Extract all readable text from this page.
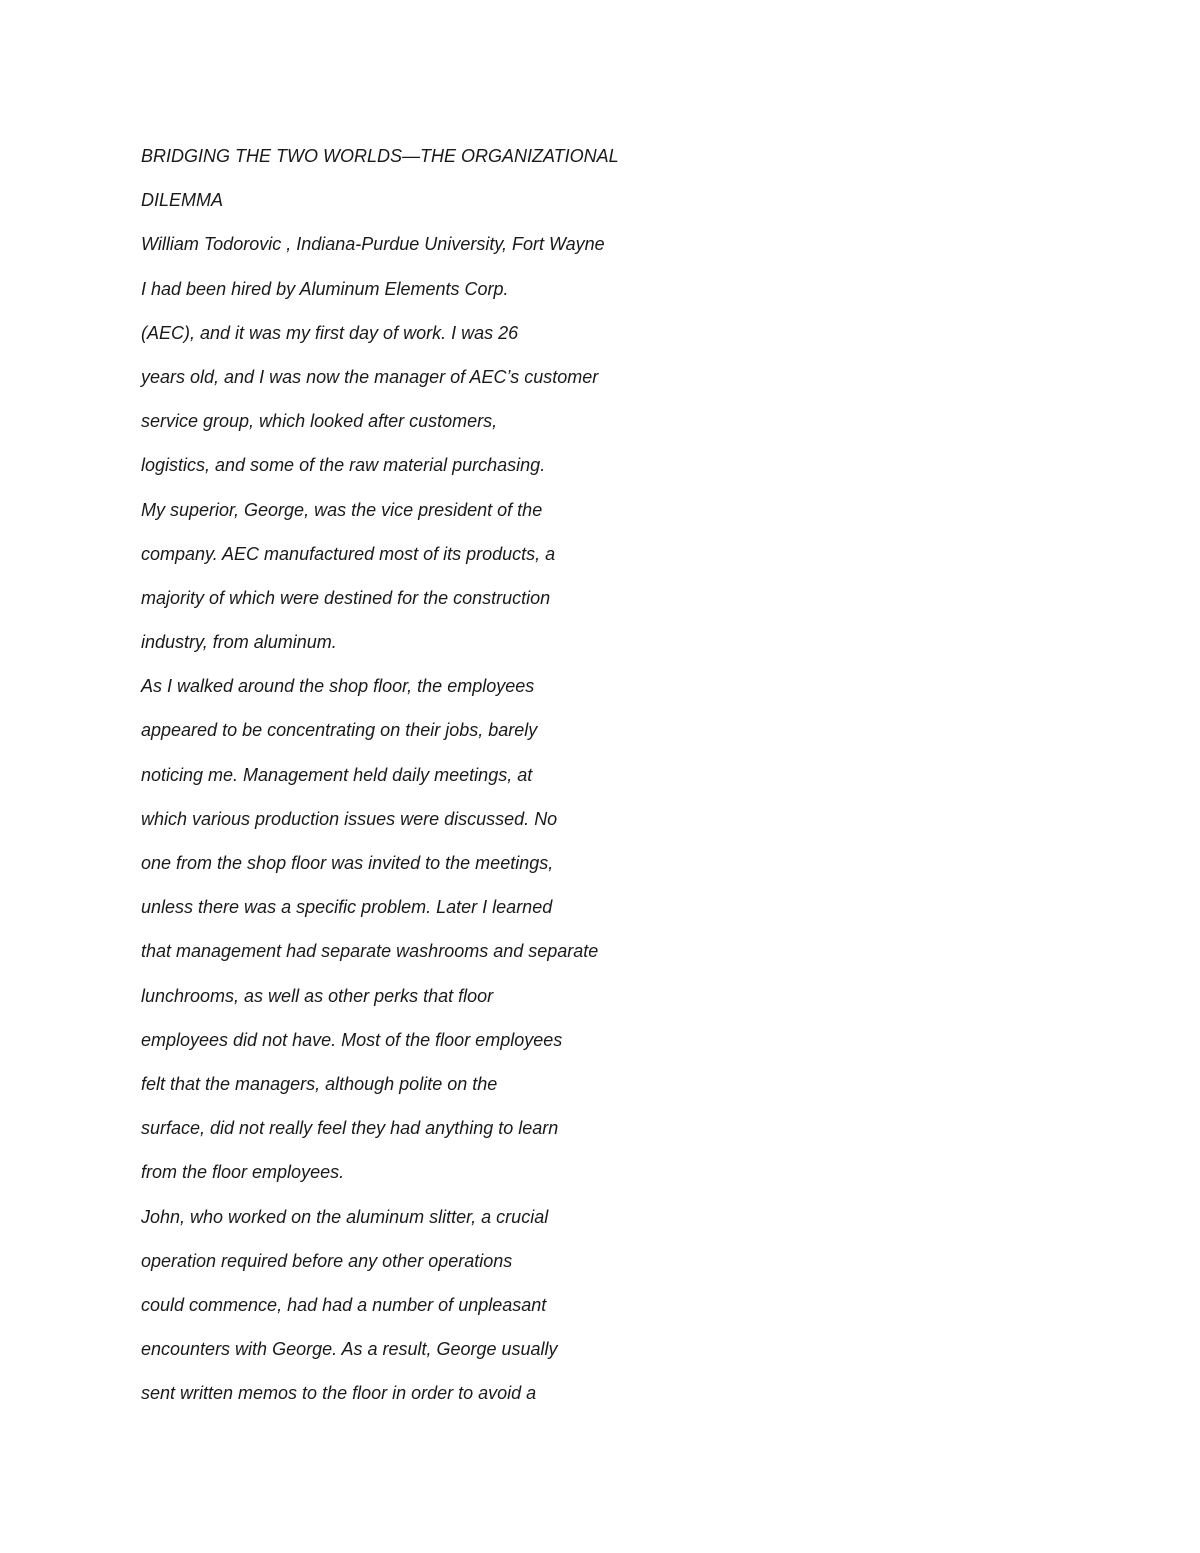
BRIDGING THE TWO WORLDS—THE ORGANIZATIONAL
DILEMMA
William Todorovic , Indiana-Purdue University, Fort Wayne
I had been hired by Aluminum Elements Corp.
(AEC), and it was my first day of work. I was 26
years old, and I was now the manager of AEC’s customer
service group, which looked after customers,
logistics, and some of the raw material purchasing.
My superior, George, was the vice president of the
company. AEC manufactured most of its products, a
majority of which were destined for the construction
industry, from aluminum.
As I walked around the shop floor, the employees
appeared to be concentrating on their jobs, barely
noticing me. Management held daily meetings, at
which various production issues were discussed. No
one from the shop floor was invited to the meetings,
unless there was a specific problem. Later I learned
that management had separate washrooms and separate
lunchrooms, as well as other perks that floor
employees did not have. Most of the floor employees
felt that the managers, although polite on the
surface, did not really feel they had anything to learn
from the floor employees.
John, who worked on the aluminum slitter, a crucial
operation required before any other operations
could commence, had had a number of unpleasant
encounters with George. As a result, George usually
sent written memos to the floor in order to avoid a
